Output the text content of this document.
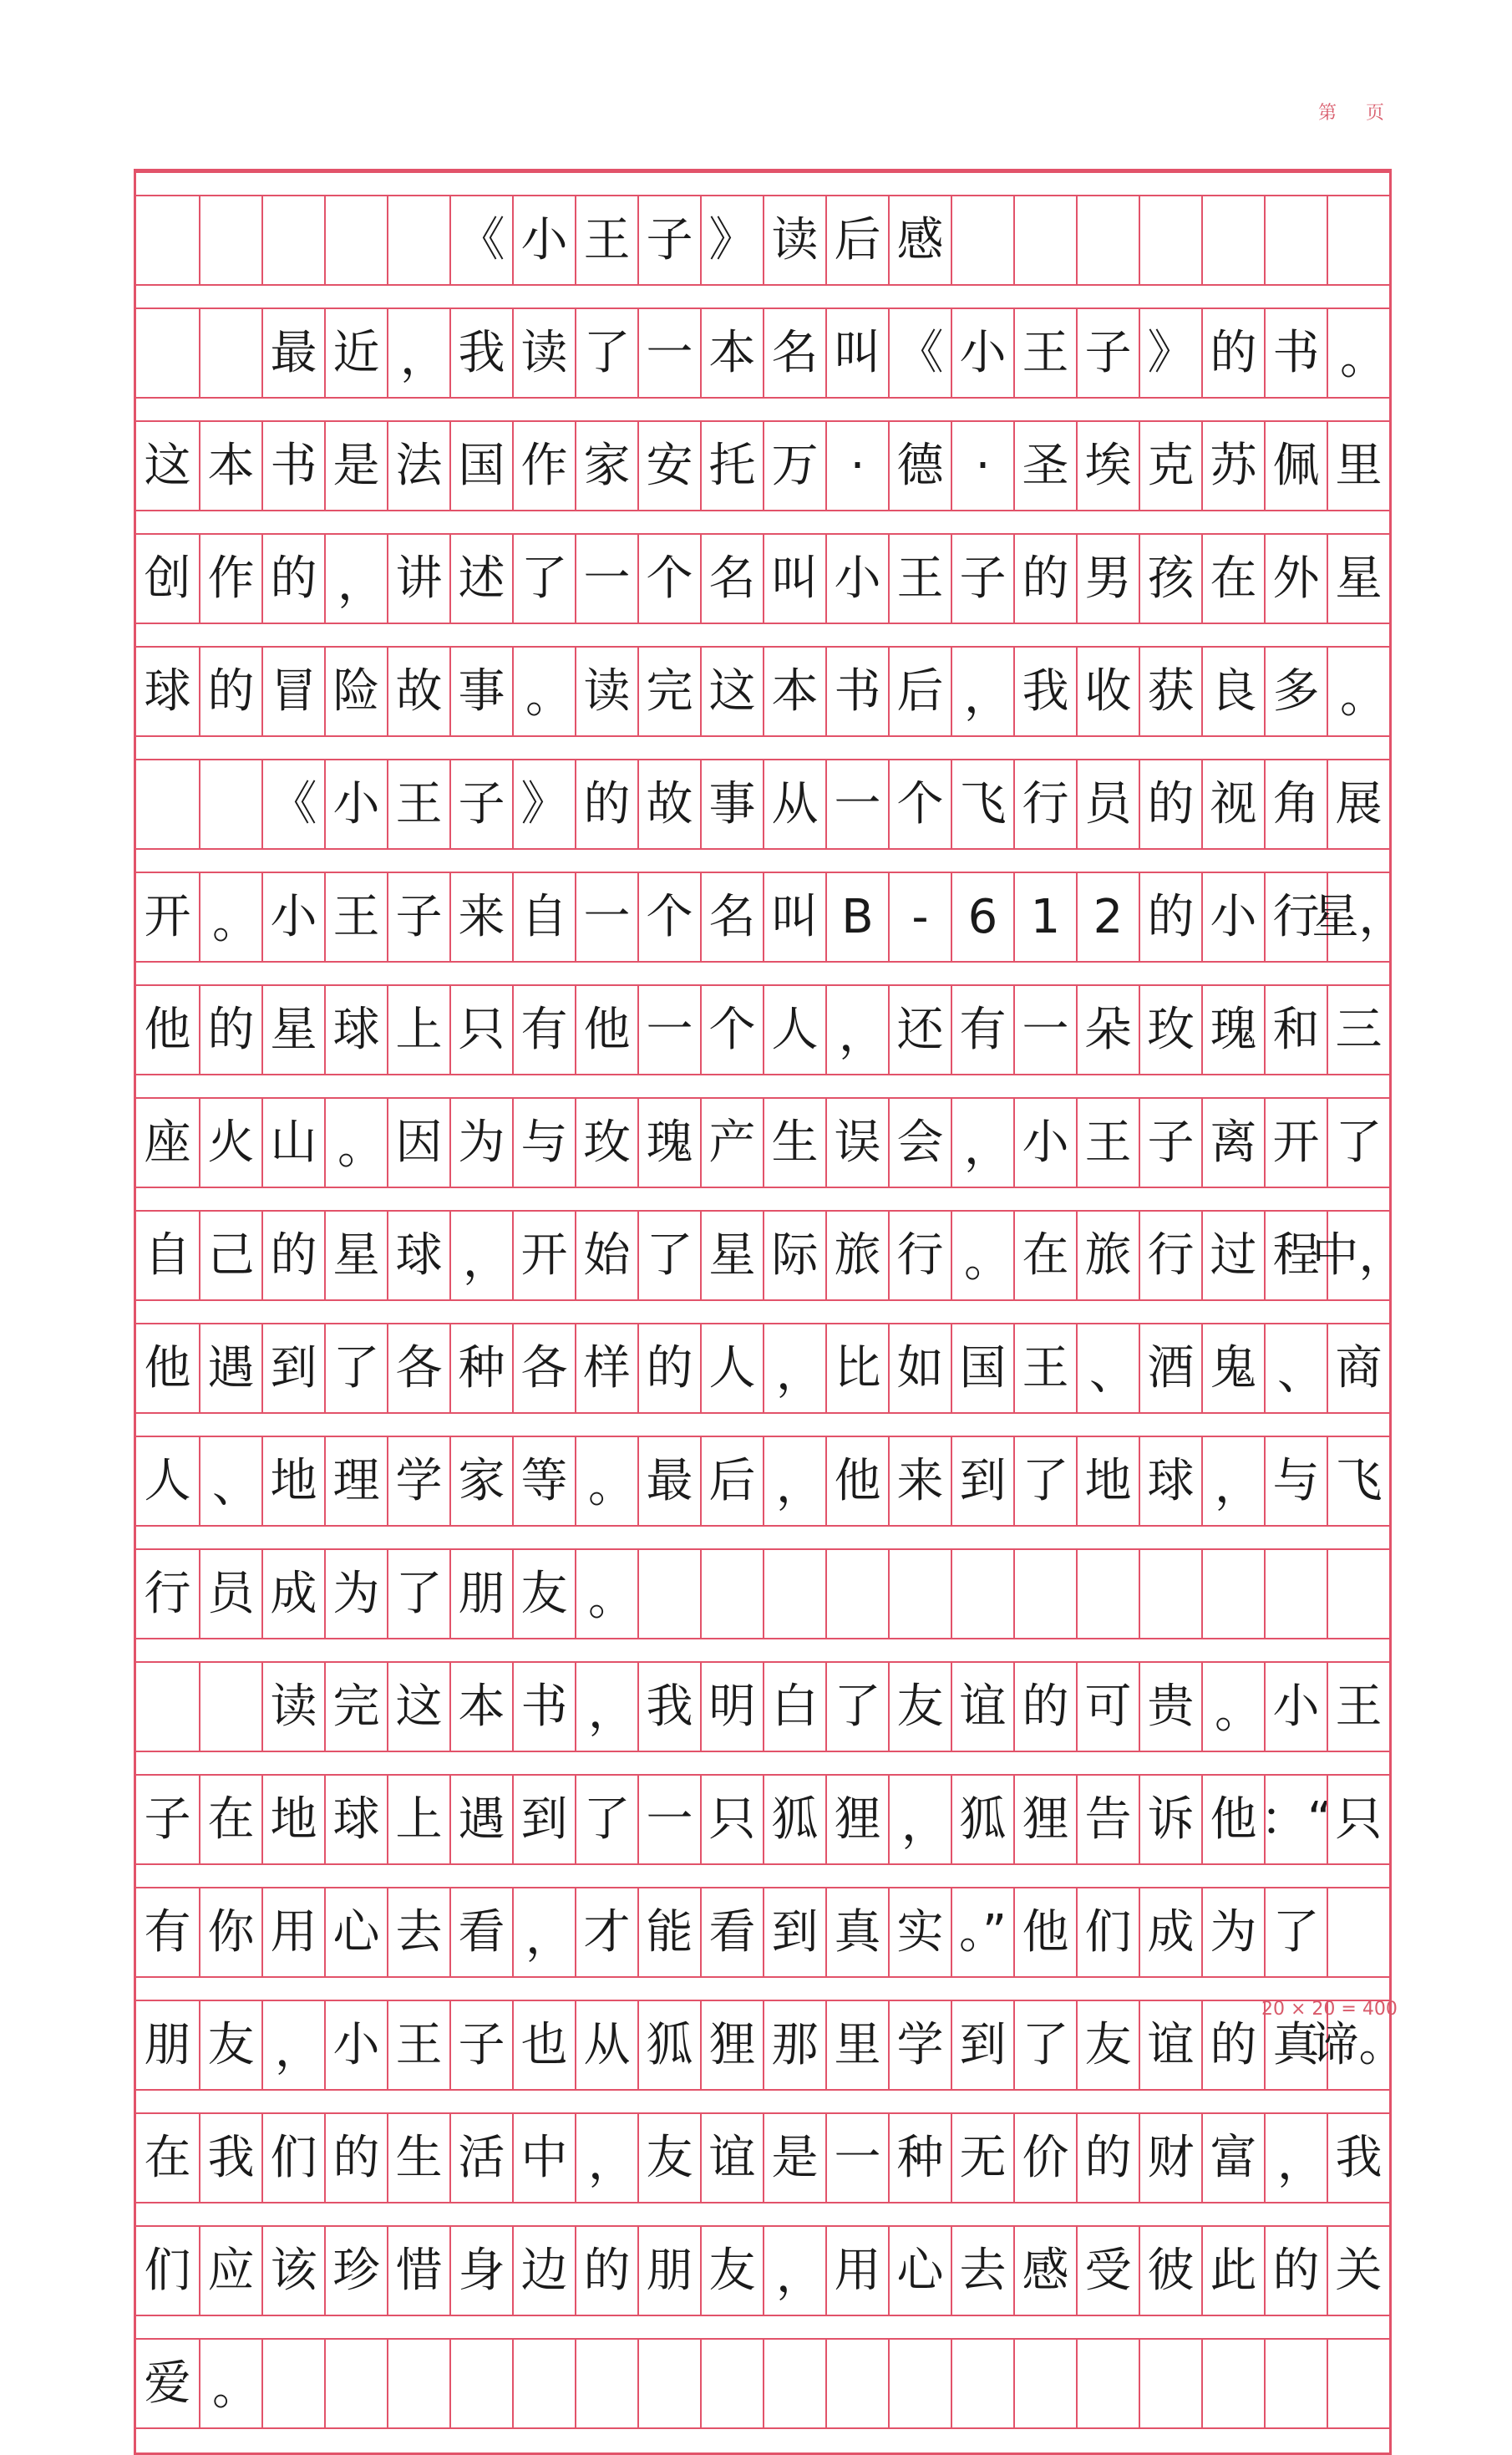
第 页
《 小 王 子 》 读 后 感
最 近 ， 我 读 了 一 本 名 叫 《 小 王 子 》 的 书 。
这 本 书 是 法 国 作 家 安 托 万 · 德 · 圣 埃 克 苏 佩 里
创 作 的 ， 讲 述 了 一 个 名 叫 小 王 子 的 男 孩 在 外 星
球 的 冒 险 故 事 。 读 完 这 本 书 后 ， 我 收 获 良 多 。
《 小 王 子 》 的 故 事 从 一 个 飞 行 员 的 视 角 展
开 。 小 王 子 来 自 一 个 名 叫 B - 6 1 2 的 小 行
星，
他 的 星 球 上 只 有 他 一 个 人 ， 还 有 一 朵 玫 瑰 和 三
座 火 山 。 因 为 与 玫 瑰 产 生 误 会 ， 小 王 子 离 开 了
自 己 的 星 球 ， 开 始 了 星 际 旅 行 。 在 旅 行 过 程
中，
他 遇 到 了 各 种 各 样 的 人 ， 比 如 国 王 、 酒 鬼 、 商
人 、 地 理 学 家 等 。 最 后 ， 他 来 到 了 地 球 ， 与 飞
行 员 成 为 了 朋 友 。
读 完 这 本 书 ， 我 明 白 了 友 谊 的 可 贵 。 小 王
子 在 地 球 上 遇 到 了 一 只 狐 狸 ， 狐 狸 告 诉 他 ：“ 只
有 你 用 心 去 看 ， 才 能 看 到 真 实 。” 他 们 成 为 了
朋 友 ， 小 王 子 也 从 狐 狸 那 里 学 到 了 友 谊 的 真
谛。
在 我 们 的 生 活 中 ， 友 谊 是 一 种 无 价 的 财 富 ， 我
们 应 该 珍 惜 身 边 的 朋 友 ， 用 心 去 感 受 彼 此 的 关
爱 。
20 × 20 = 400
